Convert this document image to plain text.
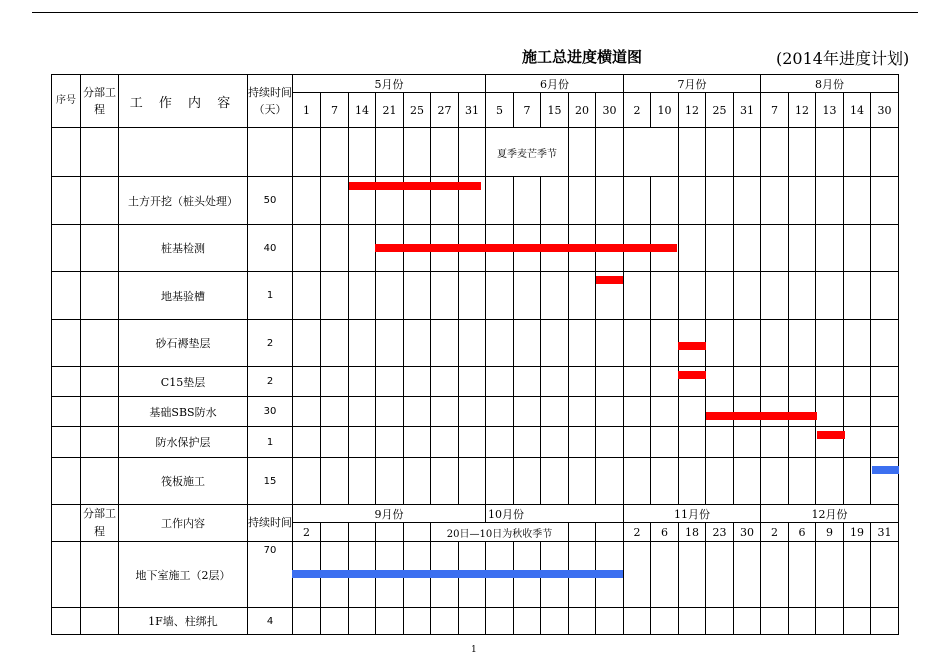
施工总进度横道图	(2014年进度计划)
序号	分部工程	工 作 内 容	持续时间（天）	5月份							6月份					7月份					8月份				
				1	7	14	21	25	27	31	5	7	15	20	30	2	10	12	25	31	7	12	13	14	30

											夏季麦芒季节														
		土方开挖（桩头处理）	50																						
		桩基检测	40																						
		地基验槽	1																						
		砂石褥垫层	2																						
		C15垫层	2																						
		基础SBS防水	30																						
		防水保护层	1																						
		筏板施工	15																						
	分部工程	工作内容	持续时间	9月份							10月份					11月份					12月份				
				2					20日—10日为秋收季节							2	6	18	23	30	2	6	9	19	31
		地下室施工（2层）	70																						
		1F墙、柱绑扎	4																						
1
